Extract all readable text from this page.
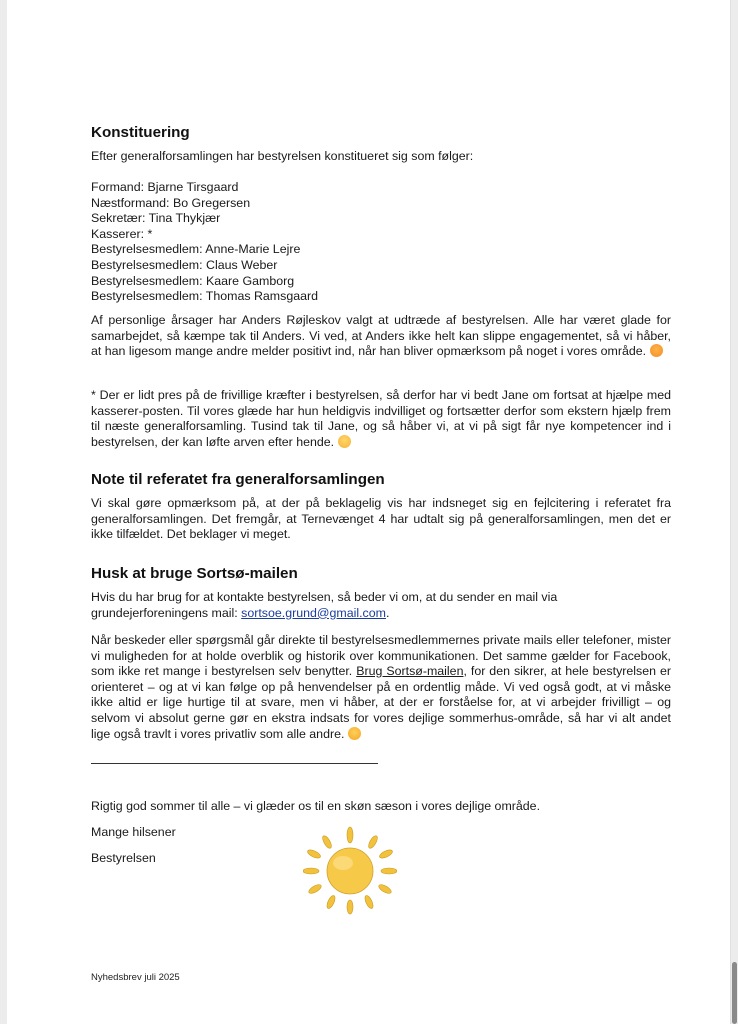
Konstituering

Efter generalforsamlingen har bestyrelsen konstitueret sig som følger:

Formand: Bjarne Tirsgaard
Næstformand: Bo Gregersen
Sekretær: Tina Thykjær
Kasserer: *
Bestyrelsesmedlem: Anne-Marie Lejre
Bestyrelsesmedlem: Claus Weber
Bestyrelsesmedlem: Kaare Gamborg
Bestyrelsesmedlem: Thomas Ramsgaard

Af personlige årsager har Anders Røjleskov valgt at udtræde af bestyrelsen. Alle har været glade for samarbejdet, så kæmpe tak til Anders. Vi ved, at Anders ikke helt kan slippe engagementet, så vi håber, at han ligesom mange andre melder positivt ind, når han bliver opmærksom på noget i vores område.

* Der er lidt pres på de frivillige kræfter i bestyrelsen, så derfor har vi bedt Jane om fortsat at hjælpe med kasserer-posten. Til vores glæde har hun heldigvis indvilliget og fortsætter derfor som ekstern hjælp frem til næste generalforsamling. Tusind tak til Jane, og så håber vi, at vi på sigt får nye kompetencer ind i bestyrelsen, der kan løfte arven efter hende.

Note til referatet fra generalforsamlingen

Vi skal gøre opmærksom på, at der på beklagelig vis har indsneget sig en fejlcitering i referatet fra generalforsamlingen. Det fremgår, at Ternevænget 4 har udtalt sig på generalforsamlingen, men det er ikke tilfældet. Det beklager vi meget.

Husk at bruge Sortsø-mailen

Hvis du har brug for at kontakte bestyrelsen, så beder vi om, at du sender en mail via grundejerforeningens mail: sortsoe.grund@gmail.com.

Når beskeder eller spørgsmål går direkte til bestyrelsesmedlemmernes private mails eller telefoner, mister vi muligheden for at holde overblik og historik over kommunikationen. Det samme gælder for Facebook, som ikke ret mange i bestyrelsen selv benytter. Brug Sortsø-mailen, for den sikrer, at hele bestyrelsen er orienteret – og at vi kan følge op på henvendelser på en ordentlig måde. Vi ved også godt, at vi måske ikke altid er lige hurtige til at svare, men vi håber, at der er forståelse for, at vi arbejder frivilligt – og selvom vi absolut gerne gør en ekstra indsats for vores dejlige sommerhus-område, så har vi alt andet lige også travlt i vores privatliv som alle andre.

Rigtig god sommer til alle – vi glæder os til en skøn sæson i vores dejlige område.

Mange hilsener

Bestyrelsen

Nyhedsbrev juli 2025
